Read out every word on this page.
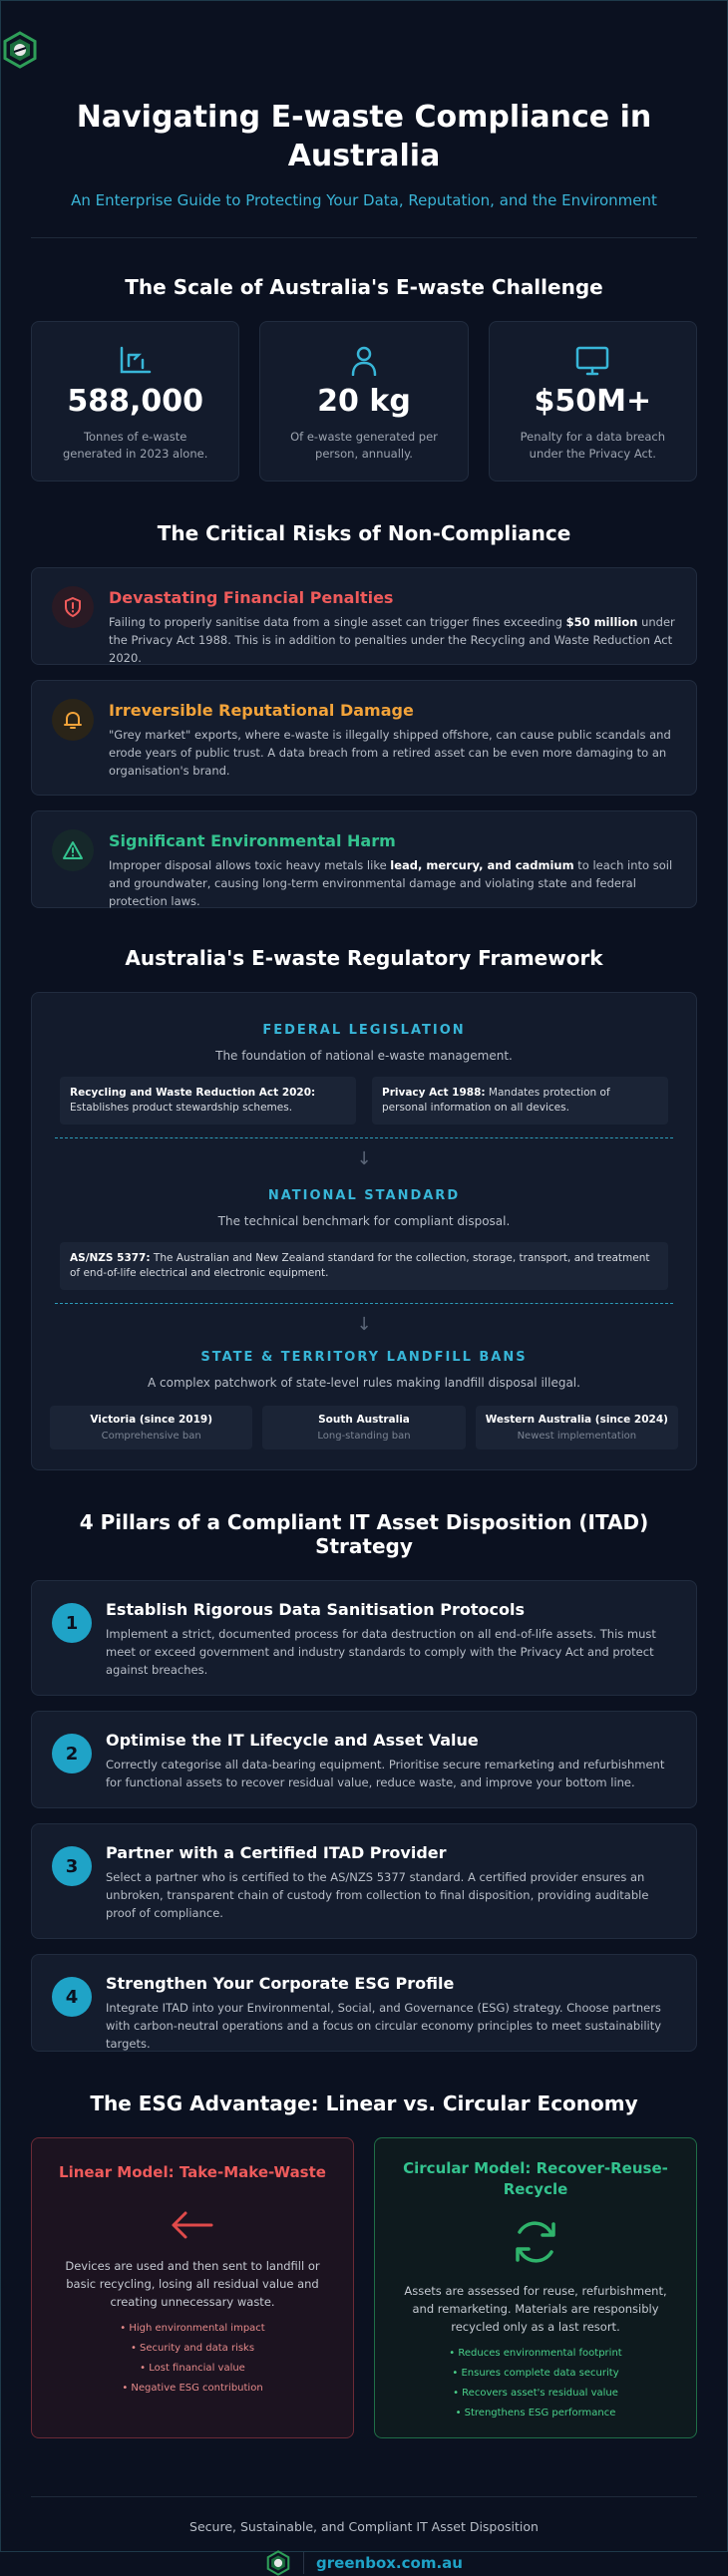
Navigating E-waste Compliance in Australia
An Enterprise Guide to Protecting Your Data, Reputation, and the Environment
The Scale of Australia's E-waste Challenge
588,000
Tonnes of e-waste generated in 2023 alone.
20 kg
Of e-waste generated per person, annually.
$50M+
Penalty for a data breach under the Privacy Act.
The Critical Risks of Non-Compliance
Devastating Financial Penalties
Failing to properly sanitise data from a single asset can trigger fines exceeding $50 million under the Privacy Act 1988. This is in addition to penalties under the Recycling and Waste Reduction Act 2020.
Irreversible Reputational Damage
"Grey market" exports, where e-waste is illegally shipped offshore, can cause public scandals and erode years of public trust. A data breach from a retired asset can be even more damaging to an organisation's brand.
Significant Environmental Harm
Improper disposal allows toxic heavy metals like lead, mercury, and cadmium to leach into soil and groundwater, causing long-term environmental damage and violating state and federal protection laws.
Australia's E-waste Regulatory Framework
FEDERAL LEGISLATION
The foundation of national e-waste management.
Recycling and Waste Reduction Act 2020: Establishes product stewardship schemes.
Privacy Act 1988: Mandates protection of personal information on all devices.
↓
NATIONAL STANDARD
The technical benchmark for compliant disposal.
AS/NZS 5377: The Australian and New Zealand standard for the collection, storage, transport, and treatment of end-of-life electrical and electronic equipment.
↓
STATE & TERRITORY LANDFILL BANS
A complex patchwork of state-level rules making landfill disposal illegal.
Victoria (since 2019)
Comprehensive ban
South Australia
Long-standing ban
Western Australia (since 2024)
Newest implementation
4 Pillars of a Compliant IT Asset Disposition (ITAD) Strategy
1
Establish Rigorous Data Sanitisation Protocols
Implement a strict, documented process for data destruction on all end-of-life assets. This must meet or exceed government and industry standards to comply with the Privacy Act and protect against breaches.
2
Optimise the IT Lifecycle and Asset Value
Correctly categorise all data-bearing equipment. Prioritise secure remarketing and refurbishment for functional assets to recover residual value, reduce waste, and improve your bottom line.
3
Partner with a Certified ITAD Provider
Select a partner who is certified to the AS/NZS 5377 standard. A certified provider ensures an unbroken, transparent chain of custody from collection to final disposition, providing auditable proof of compliance.
4
Strengthen Your Corporate ESG Profile
Integrate ITAD into your Environmental, Social, and Governance (ESG) strategy. Choose partners with carbon-neutral operations and a focus on circular economy principles to meet sustainability targets.
The ESG Advantage: Linear vs. Circular Economy
Linear Model: Take-Make-Waste
Devices are used and then sent to landfill or basic recycling, losing all residual value and creating unnecessary waste.
• High environmental impact
• Security and data risks
• Lost financial value
• Negative ESG contribution
Circular Model: Recover-Reuse-Recycle
Assets are assessed for reuse, refurbishment, and remarketing. Materials are responsibly recycled only as a last resort.
• Reduces environmental footprint
• Ensures complete data security
• Recovers asset's residual value
• Strengthens ESG performance
Secure, Sustainable, and Compliant IT Asset Disposition
greenbox.com.au
